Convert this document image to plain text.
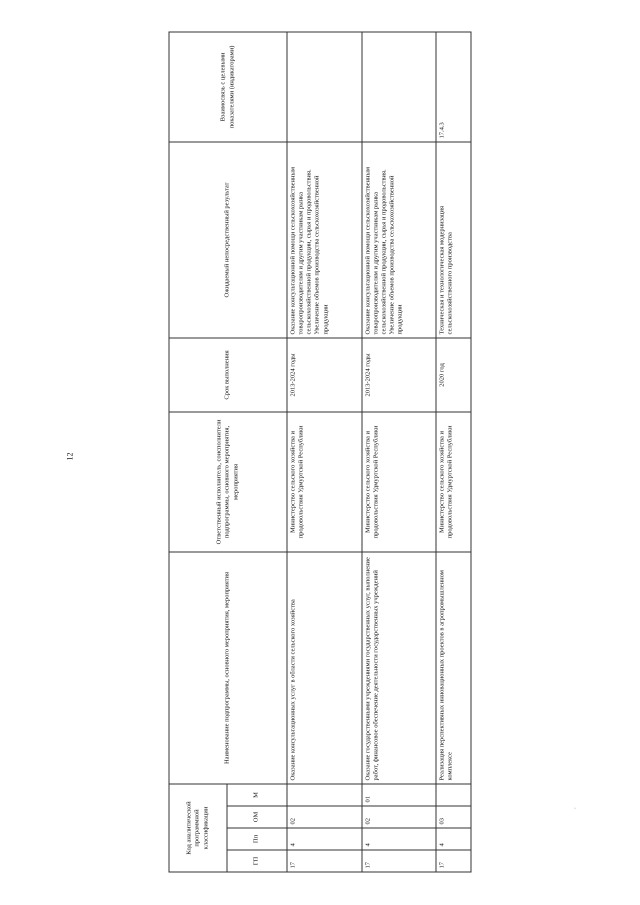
12
Код аналитической программной классификации				Наименование подпрограммы, основного мероприятия, мероприятия	Ответственный исполнитель, соисполнители подпрограммы, основного мероприятия, мероприятия	Срок выполнения	Ожидаемый непосредственный результат	Взаимосвязь с целевыми показателями (индикаторами)
ГП	Пп	ОМ	М					
17	4	02		Оказание консультационных услуг в области сельского хозяйства	Министерство сельского хозяйства и продовольствия Удмуртской Республики	2013-2024 годы	Оказание консультационной помощи сельскохозяйственным товаропроизводителям и другим участникам рынка сельскохозяйственной продукции, сырья и продовольствия. Увеличение объемов производства сельскохозяйственной продукции	
17	4	02	01	Оказание государственными учреждениями государственных услуг, выполнение работ, финансовое обеспечение деятельности государственных учреждений	Министерство сельского хозяйства и продовольствия Удмуртской Республики	2013-2024 годы	Оказание консультационной помощи сельскохозяйственным товаропроизводителям и другим участникам рынка сельскохозяйственной продукции, сырья и продовольствия. Увеличение объемов производства сельскохозяйственной продукции	
17	4	03		Реализация перспективных инновационных проектов в агропромышленном комплексе	Министерство сельского хозяйства и продовольствия Удмуртской Республики	2020 год	Техническая и технологическая модернизация сельскохозяйственного производства	17.4.3
·
